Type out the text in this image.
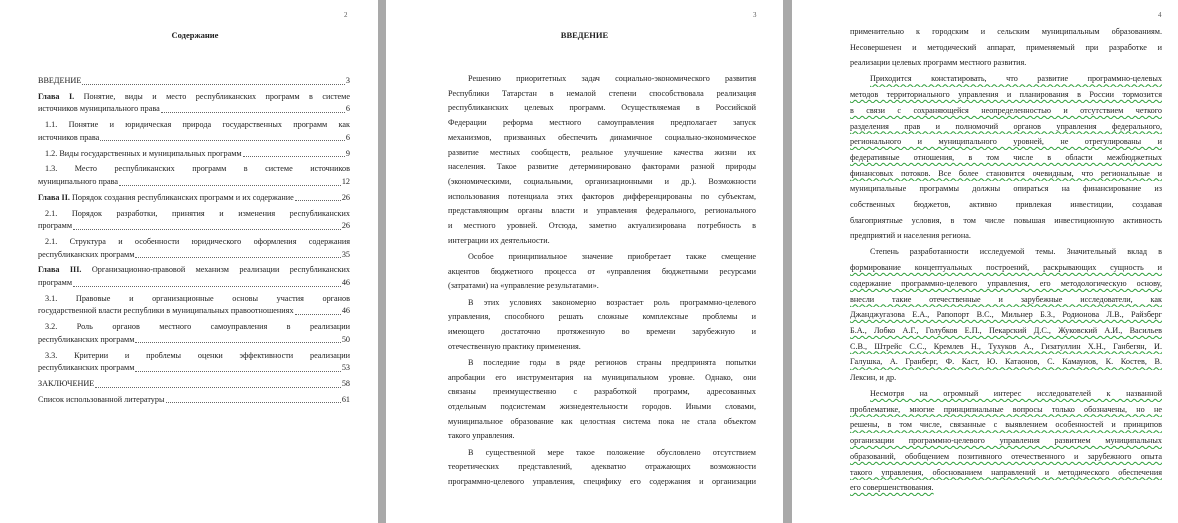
2
Содержание
ВВЕДЕНИЕ	3
Глава I. Понятие, виды и место республиканских программ в системе
источников муниципального права	6
1.1. Понятие и юридическая природа государственных программ как
источников права	6
1.2. Виды государственных и муниципальных программ	9
1.3. Место республиканских программ в системе источников
муниципального права	12
Глава II. Порядок создания республиканских программ и их содержание	26
2.1. Порядок разработки, принятия и изменения республиканских
программ	26
2.1. Структура и особенности юридического оформления содержания
республиканских программ	35
Глава III. Организационно-правовой механизм реализации республиканских
программ	46
3.1. Правовые и организационные основы участия органов
государственной власти республики в муниципальных правоотношениях	46
3.2. Роль органов местного самоуправления в реализации
республиканских программ	50
3.3. Критерии и проблемы оценки эффективности реализации
республиканских программ	53
ЗАКЛЮЧЕНИЕ	58
Список использованной литературы	61
3
ВВЕДЕНИЕ
Решению приоритетных задач социально-экономического развития
Республики Татарстан в немалой степени способствовала реализация
республиканских целевых программ. Осуществляемая в Российской
Федерации реформа местного самоуправления предполагает запуск
механизмов, призванных обеспечить динамичное социально-экономическое
развитие местных сообществ, реальное улучшение качества жизни их
населения. Такое развитие детерминировано факторами разной природы
(экономическими, социальными, организационными и др.). Возможности
использования потенциала этих факторов дифференцированы по субъектам,
представляющим органы власти и управления федерального, регионального
и местного уровней. Отсюда, заметно актуализирована потребность в
интеграции их деятельности.
Особое принципиальное значение приобретает также смещение
акцентов бюджетного процесса от «управления бюджетными ресурсами
(затратами) на «управление результатами».
В этих условиях закономерно возрастает роль программно-целевого
управления, способного решать сложные комплексные проблемы и
имеющего достаточно протяженную во времени зарубежную и
отечественную практику применения.
В последние годы в ряде регионов страны предпринята попытки
апробации его инструментария на муниципальном уровне. Однако, они
связаны преимущественно с разработкой программ, адресованных
отдельным подсистемам жизнедеятельности городов. Иными словами,
муниципальное образование как целостная система пока не стала объектом
такого управления.
В существенной мере такое положение обусловлено отсутствием
теоретических представлений, адекватно отражающих возможности
программно-целевого управления, специфику его содержания и организации
4
применительно к городским и сельским муниципальным образованиям.
Несовершенен и методический аппарат, применяемый при разработке и
реализации целевых программ местного развития.
Приходится констатировать, что развитие программно-целевых
методов территориального управления и планирования в России тормозится
в связи с сохраняющейся неопределенностью и отсутствием четкого
разделения прав и полномочий органов управления федерального,
регионального и муниципального уровней, не отрегулированы и
федеративные отношения, в том числе в области межбюджетных
финансовых потоков. Все более становится очевидным, что региональные и
муниципальные программы должны опираться на финансирование из
собственных бюджетов, активно привлекая инвестиции, создавая
благоприятные условия, в том числе повышая инвестиционную активность
предприятий и населения региона.
Степень разработанности исследуемой темы. Значительный вклад в
формирование концептуальных построений, раскрывающих сущность и
содержание программно-целевого управления, его методологическую основу,
внесли такие отечественные и зарубежные исследователи, как
Джанджугазова Е.А., Рапопорт В.С., Мильнер Б.З., Родионова Л.В., Райзберг
Б.А., Лобко А.Г., Голубков Е.П., Пекарский Д.С., Жуковский А.И., Васильев
С.В., Штрейс С.С., Кремлев Н., Тухуков А., Гизатуллин Х.Н., Ганбегян, И.
Галушка, А. Гранберг, Ф. Каст, Ю. Катаонов, С. Камаунов, К. Костев, В.
Лексин, и др.
Несмотря на огромный интерес исследователей к названной
проблематике, многие принципиальные вопросы только обозначены, но не
решены, в том числе, связанные с выявлением особенностей и принципов
организации программно-целевого управления развитием муниципальных
образований, обобщением позитивного отечественного и зарубежного опыта
такого управления, обоснованием направлений и методического обеспечения
его совершенствования.
